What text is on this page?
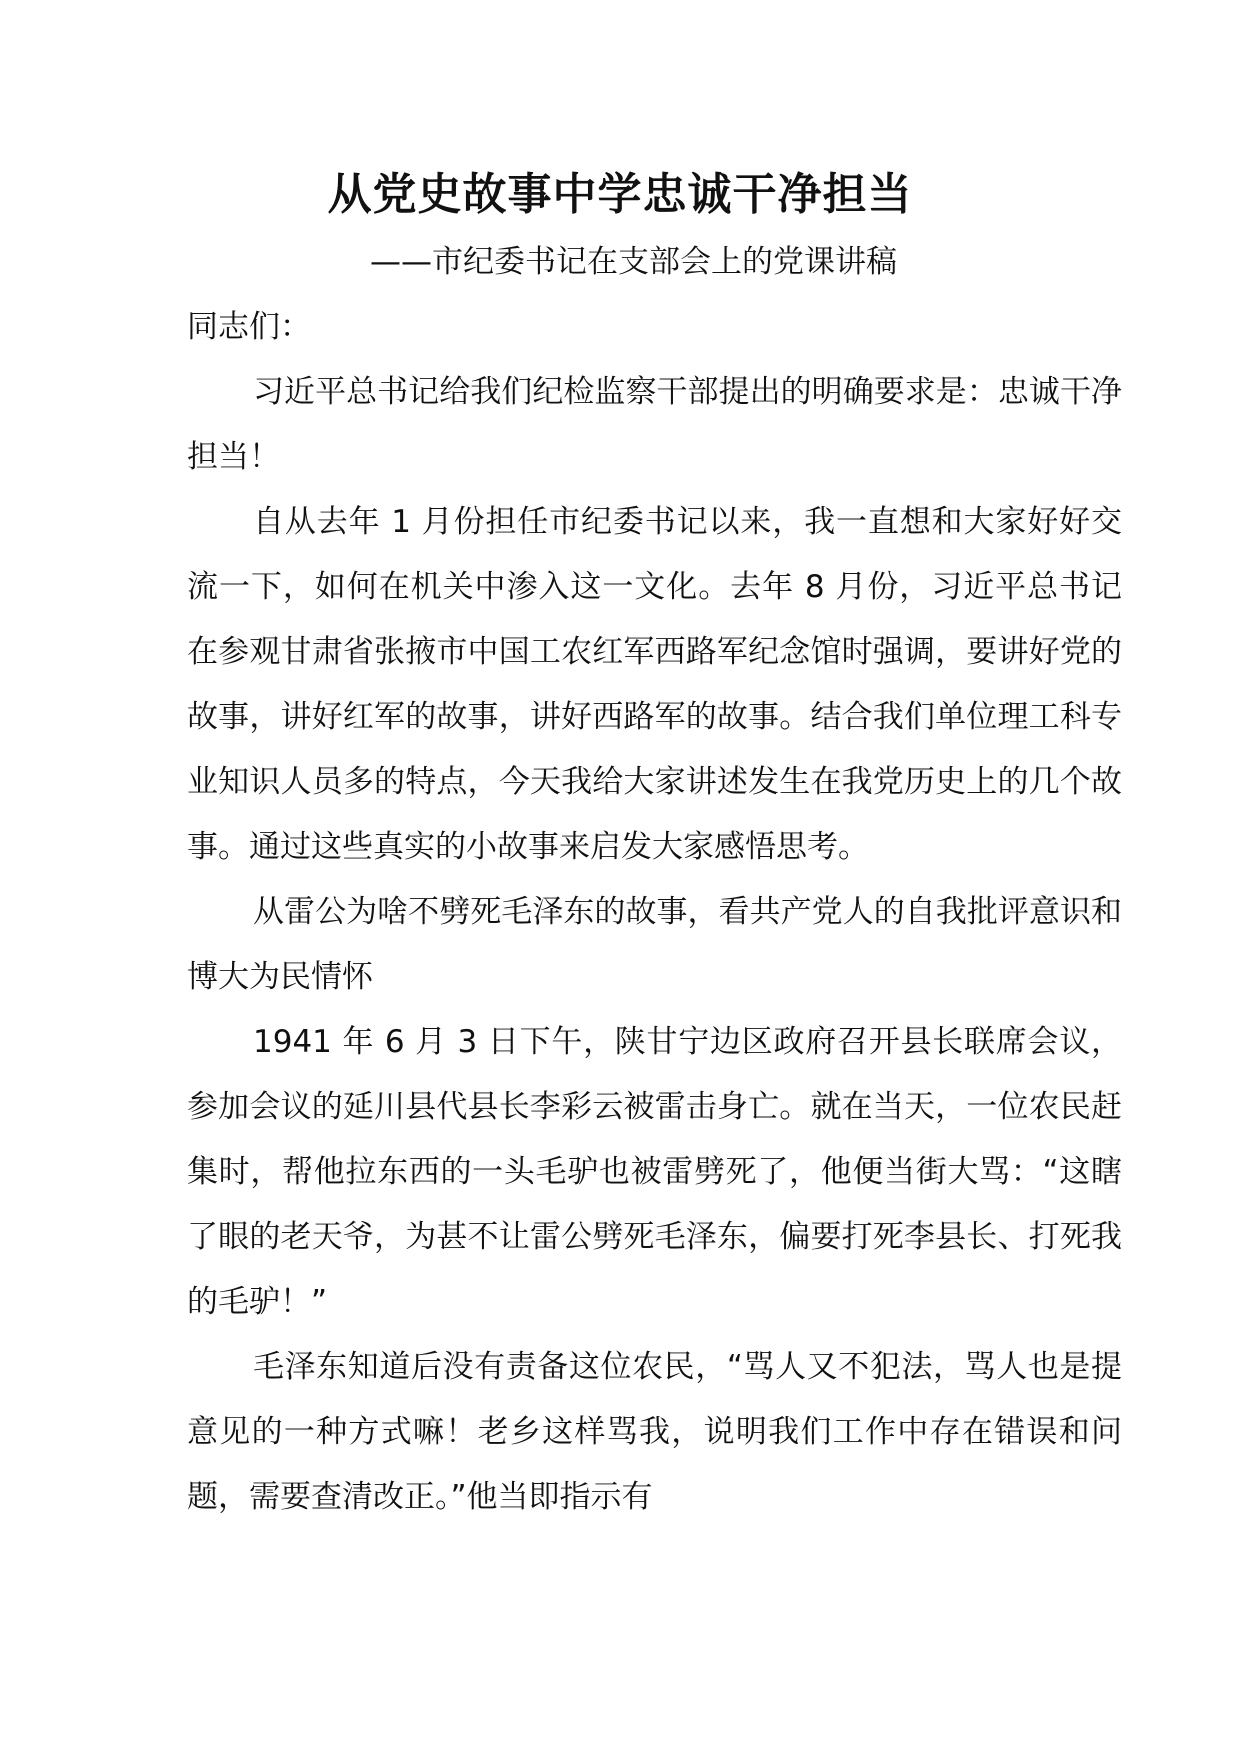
从党史故事中学忠诚干净担当
——市纪委书记在支部会上的党课讲稿

同志们：

习近平总书记给我们纪检监察干部提出的明确要求是：忠诚干净担当！

自从去年 1 月份担任市纪委书记以来，我一直想和大家好好交流一下，如何在机关中渗入这一文化。去年 8 月份，习近平总书记在参观甘肃省张掖市中国工农红军西路军纪念馆时强调，要讲好党的故事，讲好红军的故事，讲好西路军的故事。结合我们单位理工科专业知识人员多的特点，今天我给大家讲述发生在我党历史上的几个故事。通过这些真实的小故事来启发大家感悟思考。

从雷公为啥不劈死毛泽东的故事，看共产党人的自我批评意识和博大为民情怀

1941 年 6 月 3 日下午，陕甘宁边区政府召开县长联席会议，参加会议的延川县代县长李彩云被雷击身亡。就在当天，一位农民赶集时，帮他拉东西的一头毛驴也被雷劈死了，他便当街大骂：“这瞎了眼的老天爷，为甚不让雷公劈死毛泽东，偏要打死李县长、打死我的毛驴！”

毛泽东知道后没有责备这位农民，“骂人又不犯法，骂人也是提意见的一种方式嘛！老乡这样骂我，说明我们工作中存在错误和问题，需要查清改正。”他当即指示有
